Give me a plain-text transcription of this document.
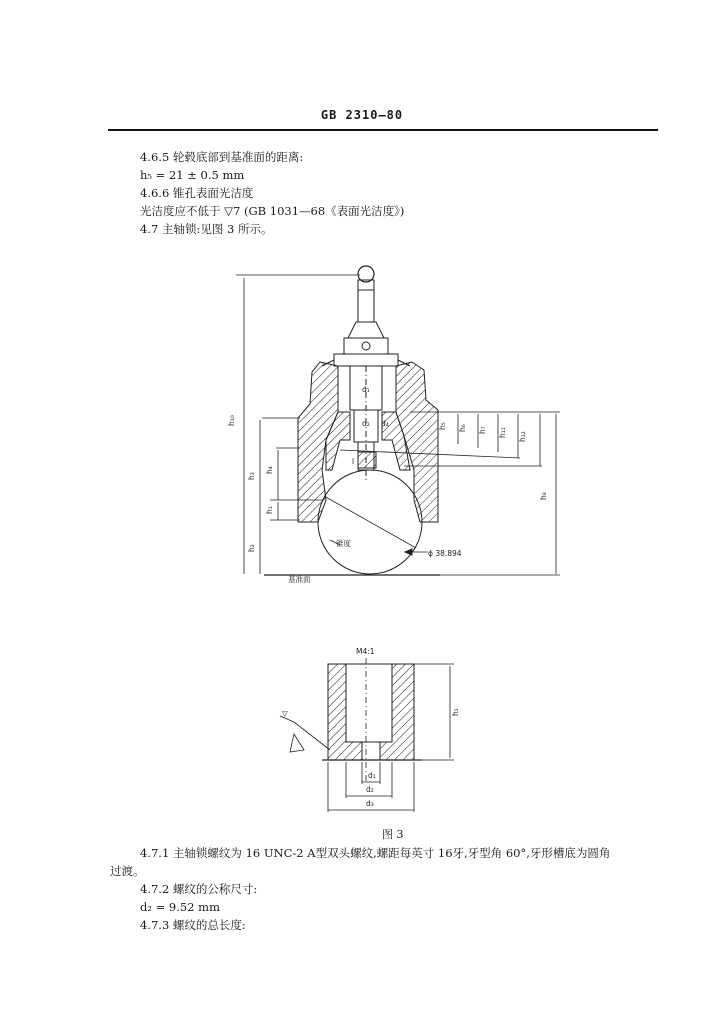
GB 2310—80
4.6.5 轮毂底部到基准面的距离:
h₅ = 21 ± 0.5 mm
4.6.6 锥孔表面光洁度
光洁度应不低于 ▽7 (GB 1031—68《表面光洁度》)
4.7 主轴锁:见图 3 所示。
基准面
锥度
ϕ 38.894
h₁₀
h₃
h₄
h₁
h₂
d₁
d₂ d₄
l
h₅ h₆ h₇ h₁₁ h₁₂
h₈
M4:1
h₁
d₁
d₂
d₃
▽
图 3
4.7.1 主轴锁螺纹为 16 UNC-2 A型双头螺纹,螺距每英寸 16牙,牙型角 60°,牙形槽底为圆角
过渡。
4.7.2 螺纹的公称尺寸:
d₂ = 9.52 mm
4.7.3 螺纹的总长度:
